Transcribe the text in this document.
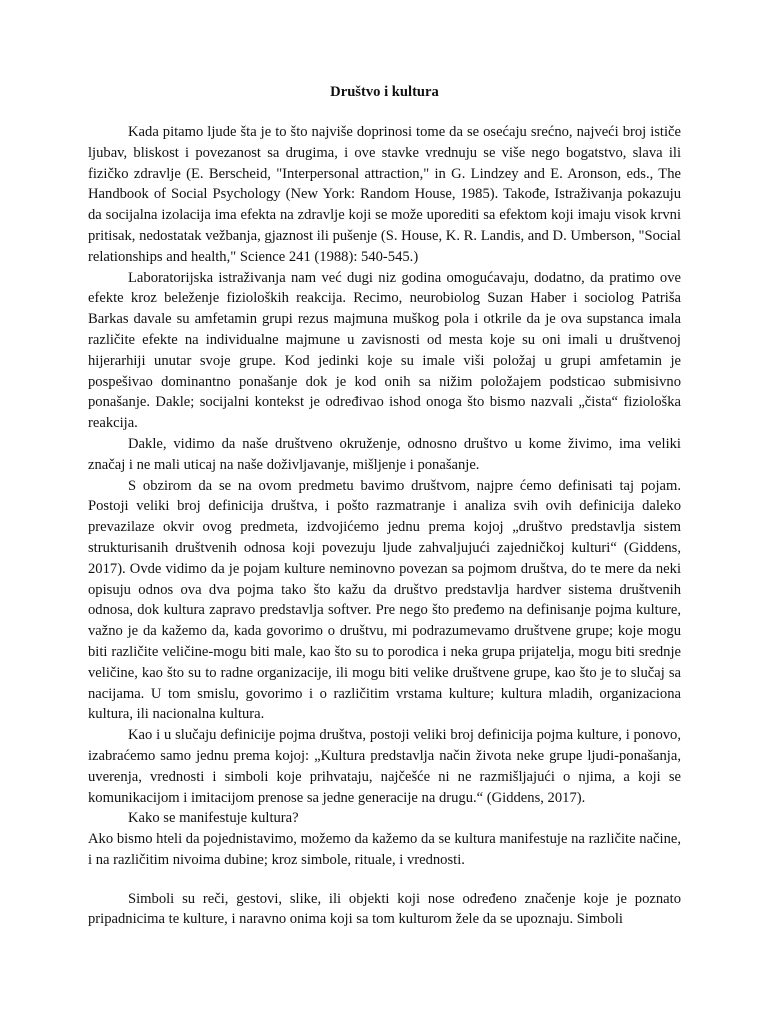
Društvo i kultura

Kada pitamo ljude šta je to što najviše doprinosi tome da se osećaju srećno, najveći broj ističe ljubav, bliskost i povezanost sa drugima, i ove stavke vrednuju se više nego bogatstvo, slava ili fizičko zdravlje (E. Berscheid, "Interpersonal attraction," in G. Lindzey and E. Aronson, eds., The Handbook of Social Psychology (New York: Random House, 1985). Takođe, Istraživanja pokazuju da socijalna izolacija ima efekta na zdravlje koji se može uporediti sa efektom koji imaju visok krvni pritisak, nedostatak vežbanja, gjaznost ili pušenje (S. House, K. R. Landis, and D. Umberson, "Social relationships and health," Science 241 (1988): 540-545.)

Laboratorijska istraživanja nam već dugi niz godina omogućavaju, dodatno, da pratimo ove efekte kroz beleženje fizioloških reakcija. Recimo, neurobiolog Suzan Haber i sociolog Patriša Barkas davale su amfetamin grupi rezus majmuna muškog pola i otkrile da je ova supstanca imala različite efekte na individualne majmune u zavisnosti od mesta koje su oni imali u društvenoj hijerarhiji unutar svoje grupe. Kod jedinki koje su imale viši položaj u grupi amfetamin je pospešivao dominantno ponašanje dok je kod onih sa nižim položajem podsticao submisivno ponašanje. Dakle; socijalni kontekst je određivao ishod onoga što bismo nazvali „čista“ fiziološka reakcija.

Dakle, vidimo da naše društveno okruženje, odnosno društvo u kome živimo, ima veliki značaj i ne mali uticaj na naše doživljavanje, mišljenje i ponašanje.

S obzirom da se na ovom predmetu bavimo društvom, najpre ćemo definisati taj pojam. Postoji veliki broj definicija društva, i pošto razmatranje i analiza svih ovih definicija daleko prevazilaze okvir ovog predmeta, izdvojićemo jednu prema kojoj „društvo predstavlja sistem strukturisanih društvenih odnosa koji povezuju ljude zahvaljujući zajedničkoj kulturi“ (Giddens, 2017). Ovde vidimo da je pojam kulture neminovno povezan sa pojmom društva, do te mere da neki opisuju odnos ova dva pojma tako što kažu da društvo predstavlja hardver sistema društvenih odnosa, dok kultura zapravo predstavlja softver. Pre nego što pređemo na definisanje pojma kulture, važno je da kažemo da, kada govorimo o društvu, mi podrazumevamo društvene grupe; koje mogu biti različite veličine-mogu biti male, kao što su to porodica i neka grupa prijatelja, mogu biti srednje veličine, kao što su to radne organizacije, ili mogu biti velike društvene grupe, kao što je to slučaj sa nacijama. U tom smislu, govorimo i o različitim vrstama kulture; kultura mladih, organizaciona kultura, ili nacionalna kultura.

Kao i u slučaju definicije pojma društva, postoji veliki broj definicija pojma kulture, i ponovo, izabraćemo samo jednu prema kojoj: „Kultura predstavlja način života neke grupe ljudi-ponašanja, uverenja, vrednosti i simboli koje prihvataju, najčešće ni ne razmišljajući o njima, a koji se komunikacijom i imitacijom prenose sa jedne generacije na drugu.“ (Giddens, 2017).

Kako se manifestuje kultura?

Ako bismo hteli da pojednistavimo, možemo da kažemo da se kultura manifestuje na različite načine, i na različitim nivoima dubine; kroz simbole, rituale, i vrednosti.

Simboli su reči, gestovi, slike, ili objekti koji nose određeno značenje koje je poznato pripadnicima te kulture, i naravno onima koji sa tom kulturom žele da se upoznaju. Simboli
